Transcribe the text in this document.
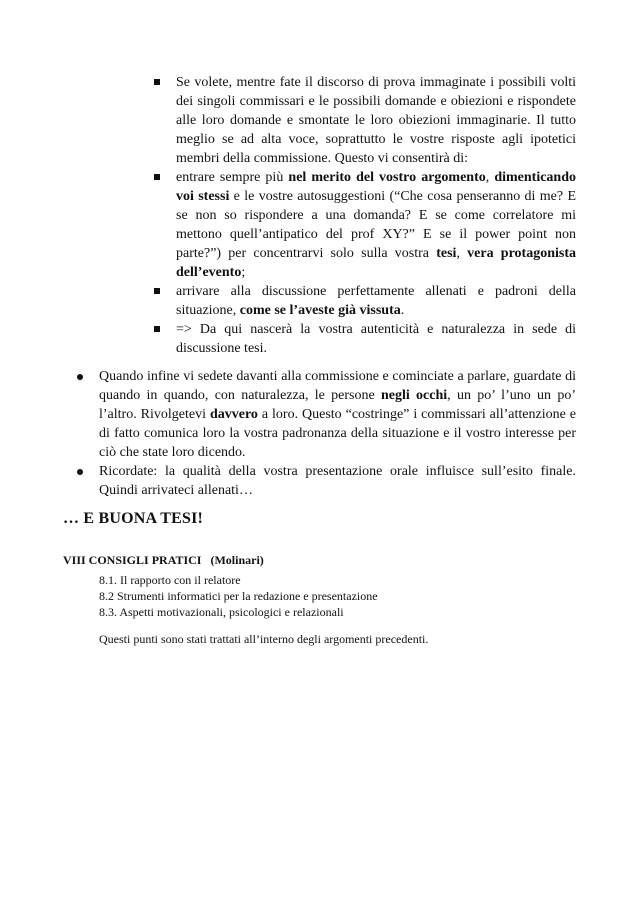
Se volete, mentre fate il discorso di prova immaginate i possibili volti dei singoli commissari e le possibili domande e obiezioni e rispondete alle loro domande e smontate le loro obiezioni immaginarie. Il tutto meglio se ad alta voce, soprattutto le vostre risposte agli ipotetici membri della commissione. Questo vi consentirà di:

entrare sempre più nel merito del vostro argomento, dimenticando voi stessi e le vostre autosuggestioni (“Che cosa penseranno di me? E se non so rispondere a una domanda? E se come correlatore mi mettono quell’antipatico del prof XY?” E se il power point non parte?”) per concentrarvi solo sulla vostra tesi, vera protagonista dell’evento;

arrivare alla discussione perfettamente allenati e padroni della situazione, come se l’aveste già vissuta.

=> Da qui nascerà la vostra autenticità e naturalezza in sede di discussione tesi.

Quando infine vi sedete davanti alla commissione e cominciate a parlare, guardate di quando in quando, con naturalezza, le persone negli occhi, un po’ l’uno un po’ l’altro. Rivolgetevi davvero a loro. Questo “costringe” i commissari all’attenzione e di fatto comunica loro la vostra padronanza della situazione e il vostro interesse per ciò che state loro dicendo.

Ricordate: la qualità della vostra presentazione orale influisce sull’esito finale. Quindi arrivateci allenati…

… E BUONA TESI!
VIII CONSIGLI PRATICI   (Molinari)
8.1. Il rapporto con il relatore
8.2 Strumenti informatici per la redazione e presentazione
8.3. Aspetti motivazionali, psicologici e relazionali
Questi punti sono stati trattati all’interno degli argomenti precedenti.
